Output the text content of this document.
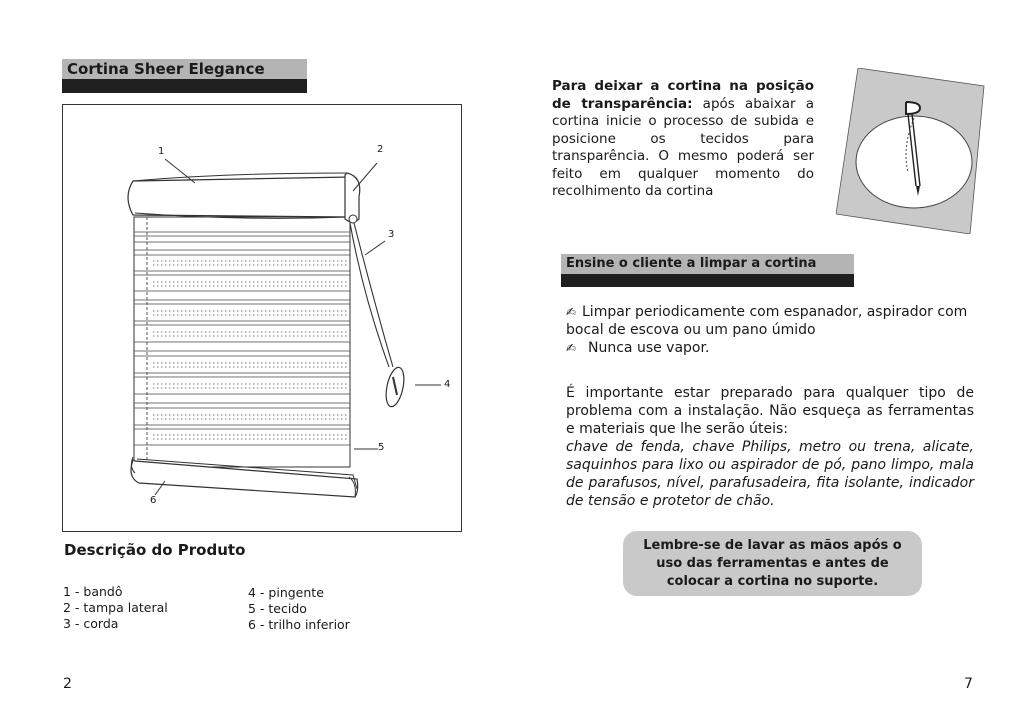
Cortina Sheer Elegance
1	2
3
4
5
6
Descrição do Produto
1 - bandô
2 - tampa lateral
3 - corda
4 - pingente
5 - tecido
6 - trilho inferior
2
Para deixar a cortina na posição de transparência: após abaixar a cortina inicie o processo de subida e posicione os tecidos para transparência. O mesmo poderá ser feito em qualquer momento do recolhimento da cortina
Ensine o cliente a limpar a cortina
✍ Limpar periodicamente com espanador, aspirador com bocal de escova ou um pano úmido
✍ Nunca use vapor.
É importante estar preparado para qualquer tipo de problema com a instalação. Não esqueça as ferramentas e materiais que lhe serão úteis:
chave de fenda, chave Philips, metro ou trena, alicate, saquinhos para lixo ou aspirador de pó, pano limpo, mala de parafusos, nível, parafusadeira, fita isolante, indicador de tensão e protetor de chão.
Lembre-se de lavar as mãos após o uso das ferramentas e antes de colocar a cortina no suporte.
7
